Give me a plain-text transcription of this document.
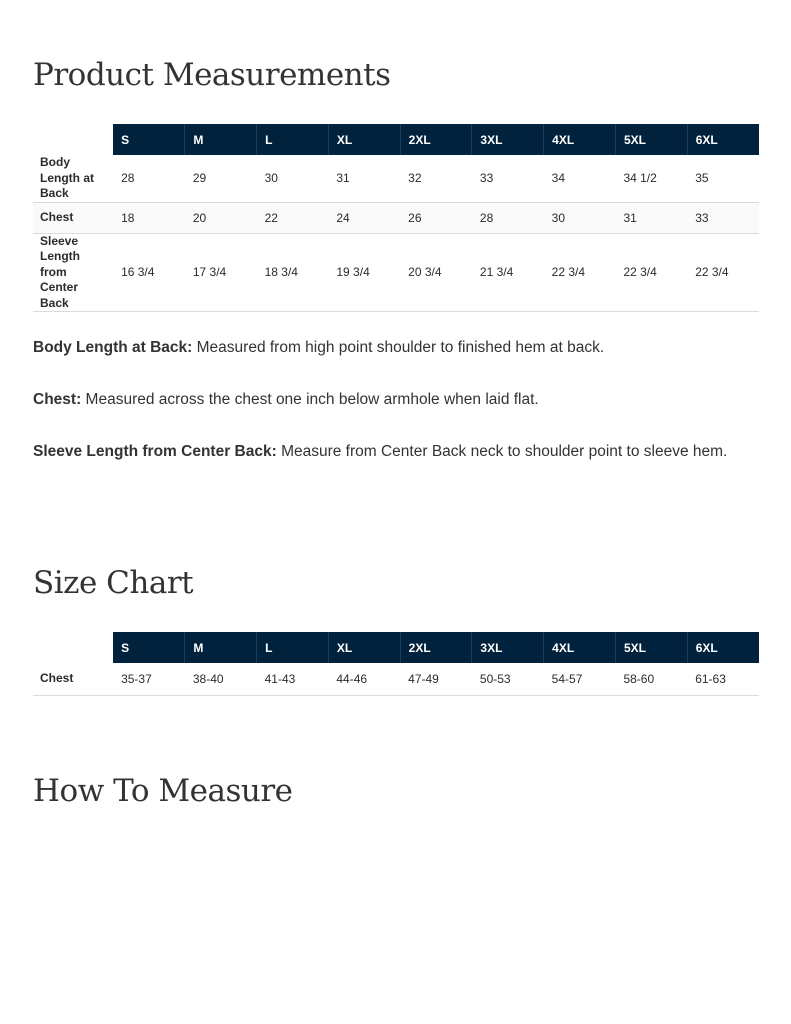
Product Measurements
	S	M	L	XL	2XL	3XL	4XL	5XL	6XL
Body Length at Back	28	29	30	31	32	33	34	34 1/2	35
Chest	18	20	22	24	26	28	30	31	33
Sleeve Length from Center Back	16 3/4	17 3/4	18 3/4	19 3/4	20 3/4	21 3/4	22 3/4	22 3/4	22 3/4

Body Length at Back: Measured from high point shoulder to finished hem at back.

Chest: Measured across the chest one inch below armhole when laid flat.

Sleeve Length from Center Back: Measure from Center Back neck to shoulder point to sleeve hem.

Size Chart
	S	M	L	XL	2XL	3XL	4XL	5XL	6XL
Chest	35-37	38-40	41-43	44-46	47-49	50-53	54-57	58-60	61-63
How To Measure
